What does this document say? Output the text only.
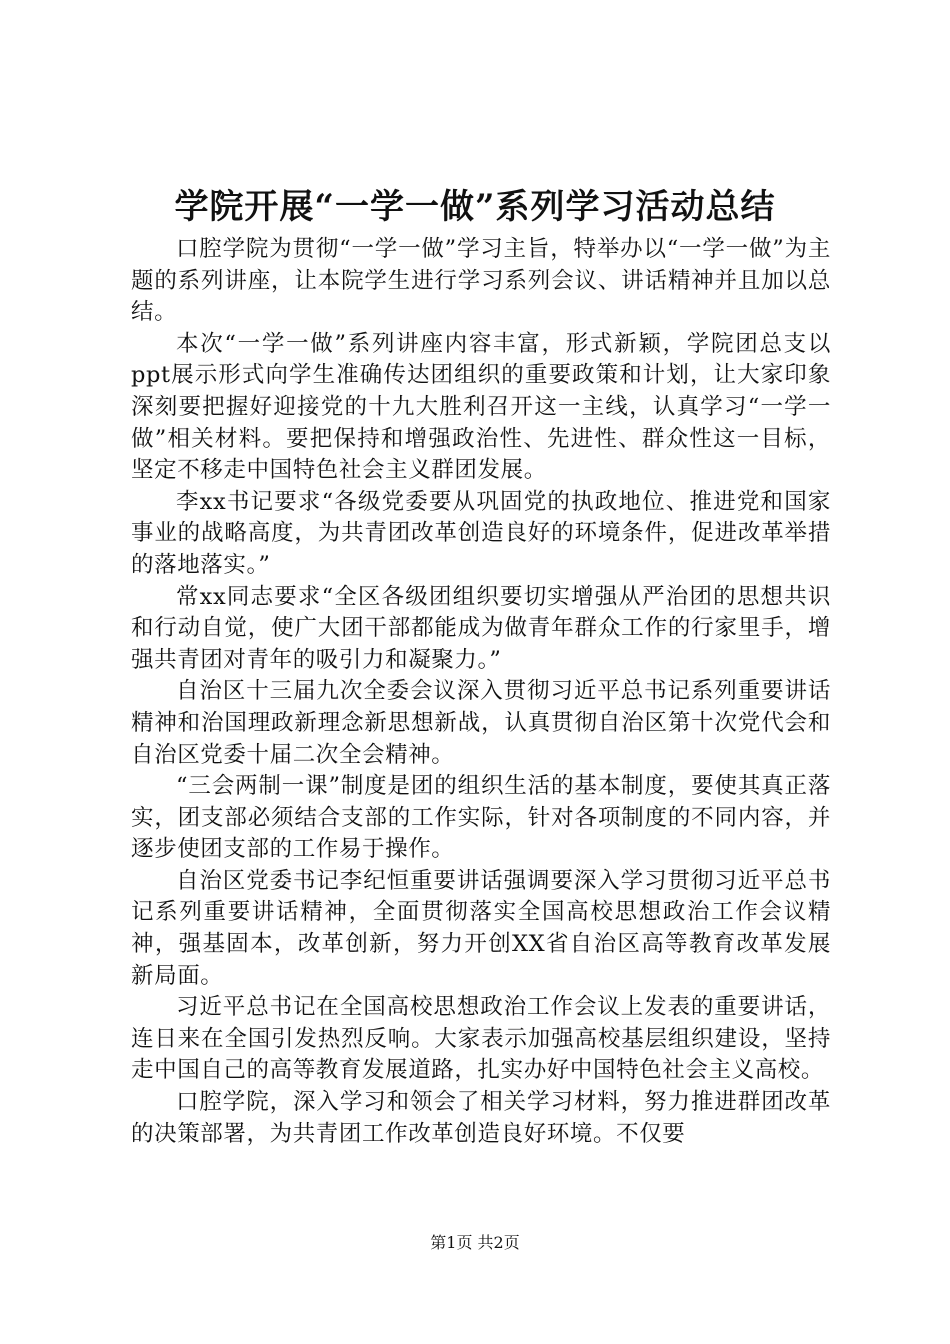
学院开展“一学一做”系列学习活动总结

口腔学院为贯彻“一学一做”学习主旨，特举办以“一学一做”为主题的系列讲座，让本院学生进行学习系列会议、讲话精神并且加以总结。

本次“一学一做”系列讲座内容丰富，形式新颖，学院团总支以ppt展示形式向学生准确传达团组织的重要政策和计划，让大家印象深刻要把握好迎接党的十九大胜利召开这一主线，认真学习“一学一做”相关材料。要把保持和增强政治性、先进性、群众性这一目标，坚定不移走中国特色社会主义群团发展。

李xx书记要求“各级党委要从巩固党的执政地位、推进党和国家事业的战略高度，为共青团改革创造良好的环境条件，促进改革举措的落地落实。”

常xx同志要求“全区各级团组织要切实增强从严治团的思想共识和行动自觉，使广大团干部都能成为做青年群众工作的行家里手，增强共青团对青年的吸引力和凝聚力。”

自治区十三届九次全委会议深入贯彻习近平总书记系列重要讲话精神和治国理政新理念新思想新战，认真贯彻自治区第十次党代会和自治区党委十届二次全会精神。

“三会两制一课”制度是团的组织生活的基本制度，要使其真正落实，团支部必须结合支部的工作实际，针对各项制度的不同内容，并逐步使团支部的工作易于操作。

自治区党委书记李纪恒重要讲话强调要深入学习贯彻习近平总书记系列重要讲话精神，全面贯彻落实全国高校思想政治工作会议精神，强基固本，改革创新，努力开创XX省自治区高等教育改革发展新局面。

习近平总书记在全国高校思想政治工作会议上发表的重要讲话，连日来在全国引发热烈反响。大家表示加强高校基层组织建设，坚持走中国自己的高等教育发展道路，扎实办好中国特色社会主义高校。

口腔学院，深入学习和领会了相关学习材料，努力推进群团改革的决策部署，为共青团工作改革创造良好环境。不仅要

第1页 共2页
